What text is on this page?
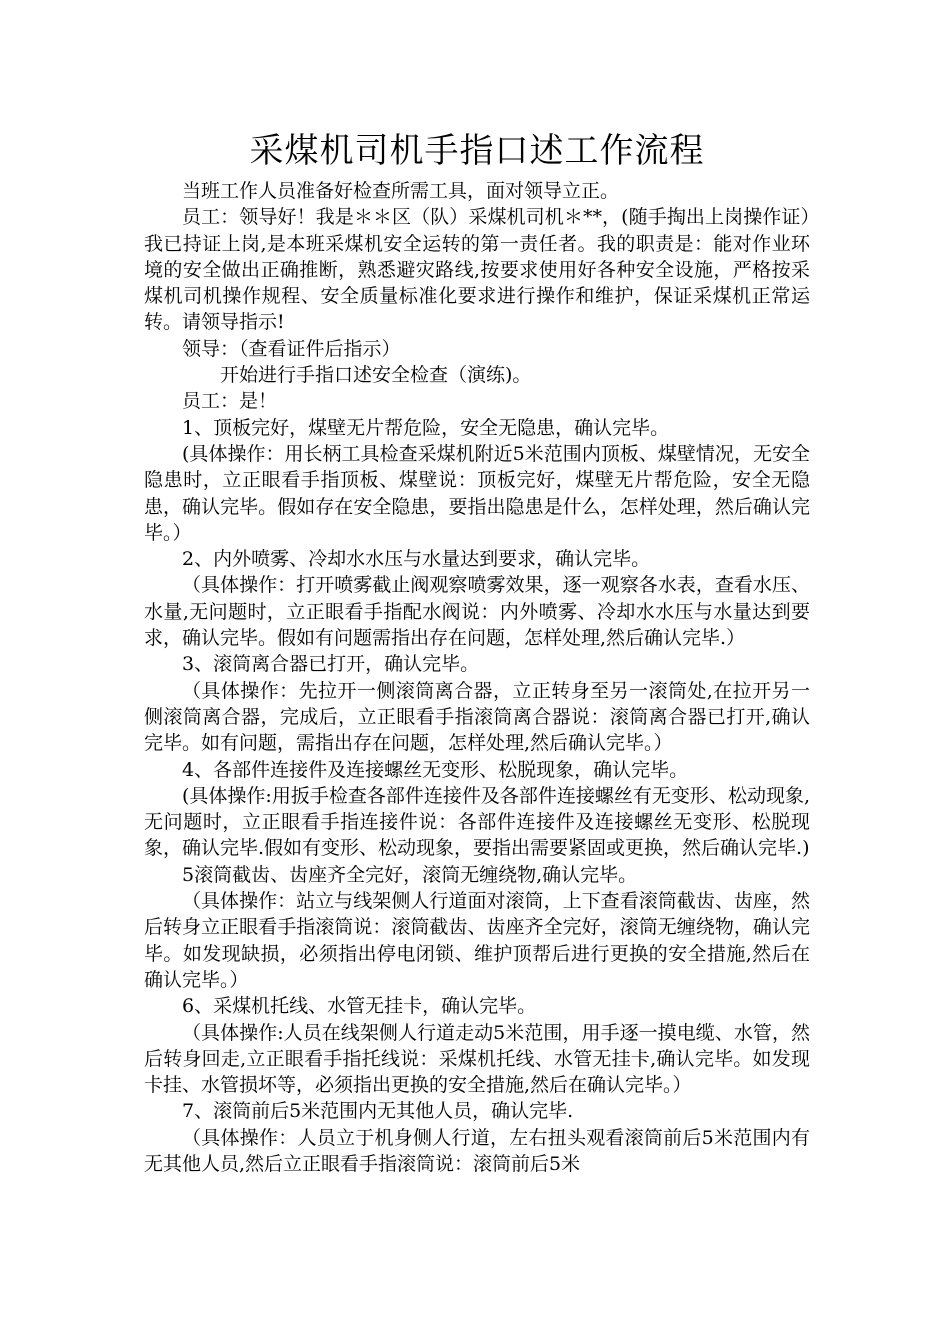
采煤机司机手指口述工作流程

当班工作人员准备好检查所需工具，面对领导立正。

员工：领导好！我是＊＊区（队）采煤机司机＊**，(随手掏出上岗操作证）我已持证上岗,是本班采煤机安全运转的第一责任者。我的职责是：能对作业环境的安全做出正确推断，熟悉避灾路线,按要求使用好各种安全设施，严格按采煤机司机操作规程、安全质量标准化要求进行操作和维护，保证采煤机正常运转。请领导指示!

领导：（查看证件后指示）

开始进行手指口述安全检查（演练)。

员工：是！

1、顶板完好，煤壁无片帮危险，安全无隐患，确认完毕。

(具体操作：用长柄工具检查采煤机附近5米范围内顶板、煤壁情况，无安全隐患时，立正眼看手指顶板、煤壁说：顶板完好，煤壁无片帮危险，安全无隐患，确认完毕。假如存在安全隐患，要指出隐患是什么，怎样处理，然后确认完毕。）

2、内外喷雾、冷却水水压与水量达到要求，确认完毕。

（具体操作：打开喷雾截止阀观察喷雾效果，逐一观察各水表，查看水压、水量,无问题时，立正眼看手指配水阀说：内外喷雾、冷却水水压与水量达到要求，确认完毕。假如有问题需指出存在问题，怎样处理,然后确认完毕.）

3、滚筒离合器已打开，确认完毕。

（具体操作：先拉开一侧滚筒离合器，立正转身至另一滚筒处,在拉开另一侧滚筒离合器，完成后，立正眼看手指滚筒离合器说：滚筒离合器已打开,确认完毕。如有问题，需指出存在问题，怎样处理,然后确认完毕。）

4、各部件连接件及连接螺丝无变形、松脱现象，确认完毕。

(具体操作:用扳手检查各部件连接件及各部件连接螺丝有无变形、松动现象,无问题时，立正眼看手指连接件说：各部件连接件及连接螺丝无变形、松脱现象，确认完毕.假如有变形、松动现象，要指出需要紧固或更换，然后确认完毕.)

5滚筒截齿、齿座齐全完好，滚筒无缠绕物,确认完毕。

（具体操作：站立与线架侧人行道面对滚筒，上下查看滚筒截齿、齿座，然后转身立正眼看手指滚筒说：滚筒截齿、齿座齐全完好，滚筒无缠绕物，确认完毕。如发现缺损，必须指出停电闭锁、维护顶帮后进行更换的安全措施,然后在确认完毕。）

6、采煤机托线、水管无挂卡，确认完毕。

（具体操作:人员在线架侧人行道走动5米范围，用手逐一摸电缆、水管，然后转身回走,立正眼看手指托线说：采煤机托线、水管无挂卡,确认完毕。如发现卡挂、水管损坏等，必须指出更换的安全措施,然后在确认完毕。）

7、滚筒前后5米范围内无其他人员，确认完毕.

（具体操作：人员立于机身侧人行道，左右扭头观看滚筒前后5米范围内有无其他人员,然后立正眼看手指滚筒说：滚筒前后5米
